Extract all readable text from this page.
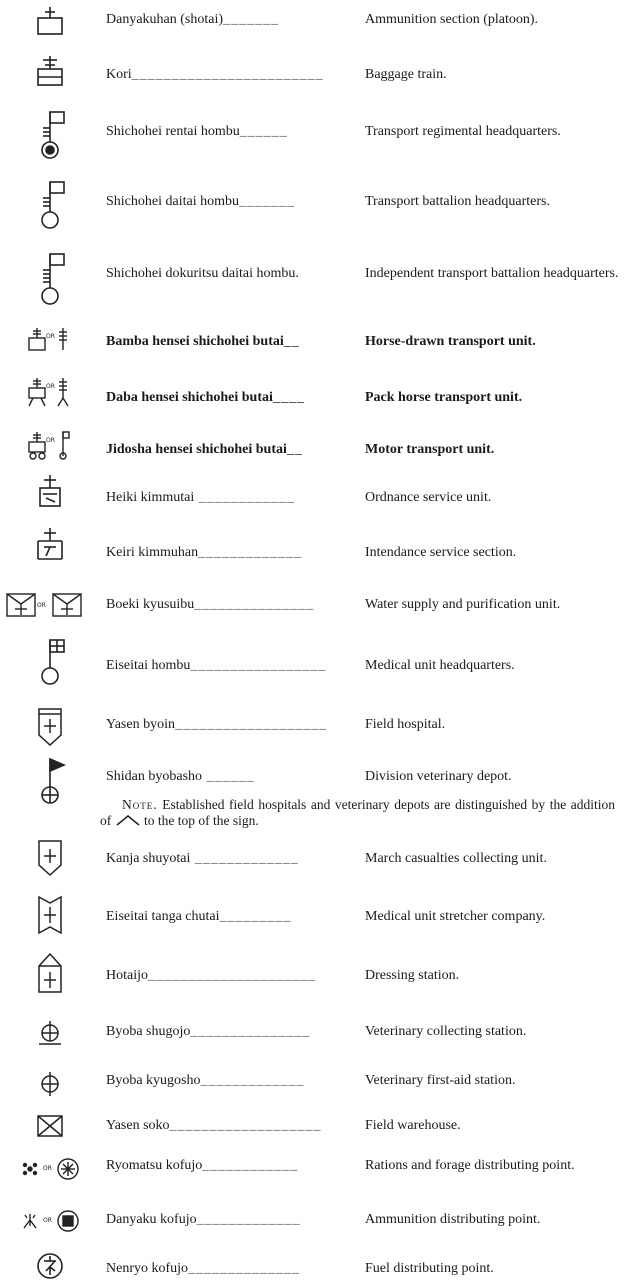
Danyakuhan (shotai)_______	Ammunition section (platoon).
Kori________________________	Baggage train.
Shichohei rentai hombu______	Transport regimental headquarters.
Shichohei daitai hombu_______	Transport battalion headquarters.
Shichohei dokuritsu daitai hombu.	Independent transport battalion headquarters.
OR	Bamba hensei shichohei butai__	Horse-drawn transport unit.
OR
Daba hensei shichohei butai____	Pack horse transport unit.
OR
Jidosha hensei shichohei butai__	Motor transport unit.
Heiki kimmutai ____________	Ordnance service unit.
Keiri kimmuhan_____________	Intendance service section.
OR	Boeki kyusuibu_______________	Water supply and purification unit.
Eiseitai hombu_________________	Medical unit headquarters.
Yasen byoin___________________	Field hospital.
Shidan byobasho ______	Division veterinary depot.
Note. Established field hospitals and veterinary depots are distinguished by the addition of to the top of the sign.
Kanja shuyotai _____________	March casualties collecting unit.
Eiseitai tanga chutai_________	Medical unit stretcher company.
Hotaijo_____________________	Dressing station.
Byoba shugojo_______________	Veterinary collecting station.
Byoba kyugosho_____________	Veterinary first-aid station.
Yasen soko___________________	Field warehouse.
OR	Ryomatsu kofujo____________	Rations and forage distributing point.
OR	Danyaku kofujo_____________	Ammunition distributing point.
Nenryo kofujo______________	Fuel distributing point.
